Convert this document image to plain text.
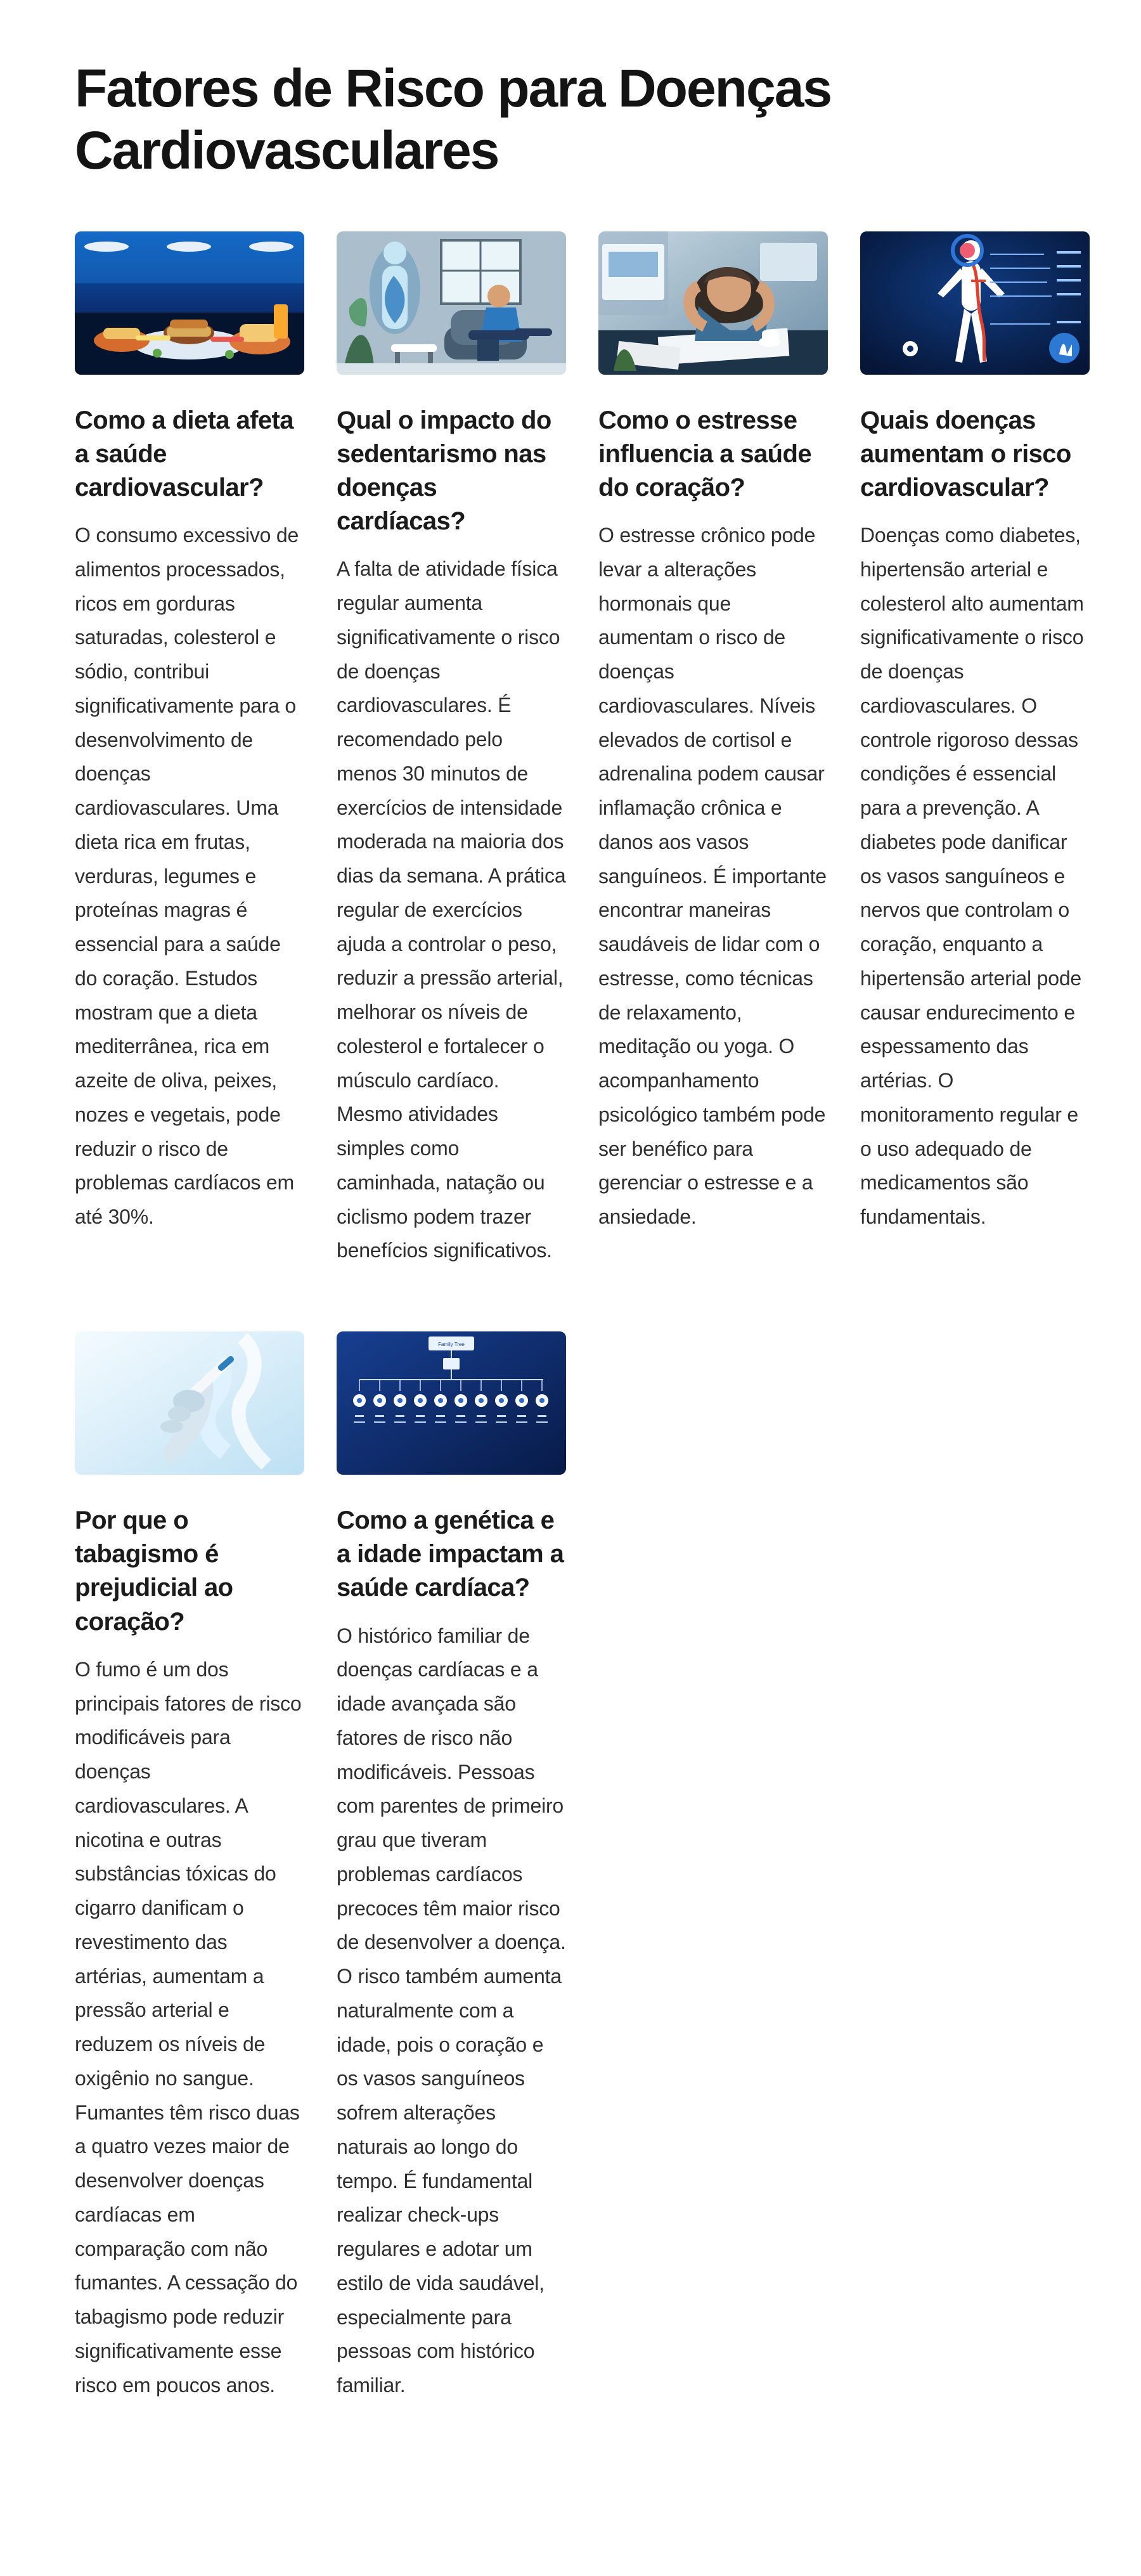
Fatores de Risco para Doenças Cardiovasculares
Como a dieta afeta a saúde cardiovascular?

O consumo excessivo de alimentos processados, ricos em gorduras saturadas, colesterol e sódio, contribui significativamente para o desenvolvimento de doenças cardiovasculares. Uma dieta rica em frutas, verduras, legumes e proteínas magras é essencial para a saúde do coração. Estudos mostram que a dieta mediterrânea, rica em azeite de oliva, peixes, nozes e vegetais, pode reduzir o risco de problemas cardíacos em até 30%.

Qual o impacto do sedentarismo nas doenças cardíacas?

A falta de atividade física regular aumenta significativamente o risco de doenças cardiovasculares. É recomendado pelo menos 30 minutos de exercícios de intensidade moderada na maioria dos dias da semana. A prática regular de exercícios ajuda a controlar o peso, reduzir a pressão arterial, melhorar os níveis de colesterol e fortalecer o músculo cardíaco. Mesmo atividades simples como caminhada, natação ou ciclismo podem trazer benefícios significativos.

Como o estresse influencia a saúde do coração?

O estresse crônico pode levar a alterações hormonais que aumentam o risco de doenças cardiovasculares. Níveis elevados de cortisol e adrenalina podem causar inflamação crônica e danos aos vasos sanguíneos. É importante encontrar maneiras saudáveis de lidar com o estresse, como técnicas de relaxamento, meditação ou yoga. O acompanhamento psicológico também pode ser benéfico para gerenciar o estresse e a ansiedade.

Quais doenças aumentam o risco cardiovascular?

Doenças como diabetes, hipertensão arterial e colesterol alto aumentam significativamente o risco de doenças cardiovasculares. O controle rigoroso dessas condições é essencial para a prevenção. A diabetes pode danificar os vasos sanguíneos e nervos que controlam o coração, enquanto a hipertensão arterial pode causar endurecimento e espessamento das artérias. O monitoramento regular e o uso adequado de medicamentos são fundamentais.

Por que o tabagismo é prejudicial ao coração?

O fumo é um dos principais fatores de risco modificáveis para doenças cardiovasculares. A nicotina e outras substâncias tóxicas do cigarro danificam o revestimento das artérias, aumentam a pressão arterial e reduzem os níveis de oxigênio no sangue. Fumantes têm risco duas a quatro vezes maior de desenvolver doenças cardíacas em comparação com não fumantes. A cessação do tabagismo pode reduzir significativamente esse risco em poucos anos.

Family Tree
Como a genética e a idade impactam a saúde cardíaca?

O histórico familiar de doenças cardíacas e a idade avançada são fatores de risco não modificáveis. Pessoas com parentes de primeiro grau que tiveram problemas cardíacos precoces têm maior risco de desenvolver a doença. O risco também aumenta naturalmente com a idade, pois o coração e os vasos sanguíneos sofrem alterações naturais ao longo do tempo. É fundamental realizar check-ups regulares e adotar um estilo de vida saudável, especialmente para pessoas com histórico familiar.
